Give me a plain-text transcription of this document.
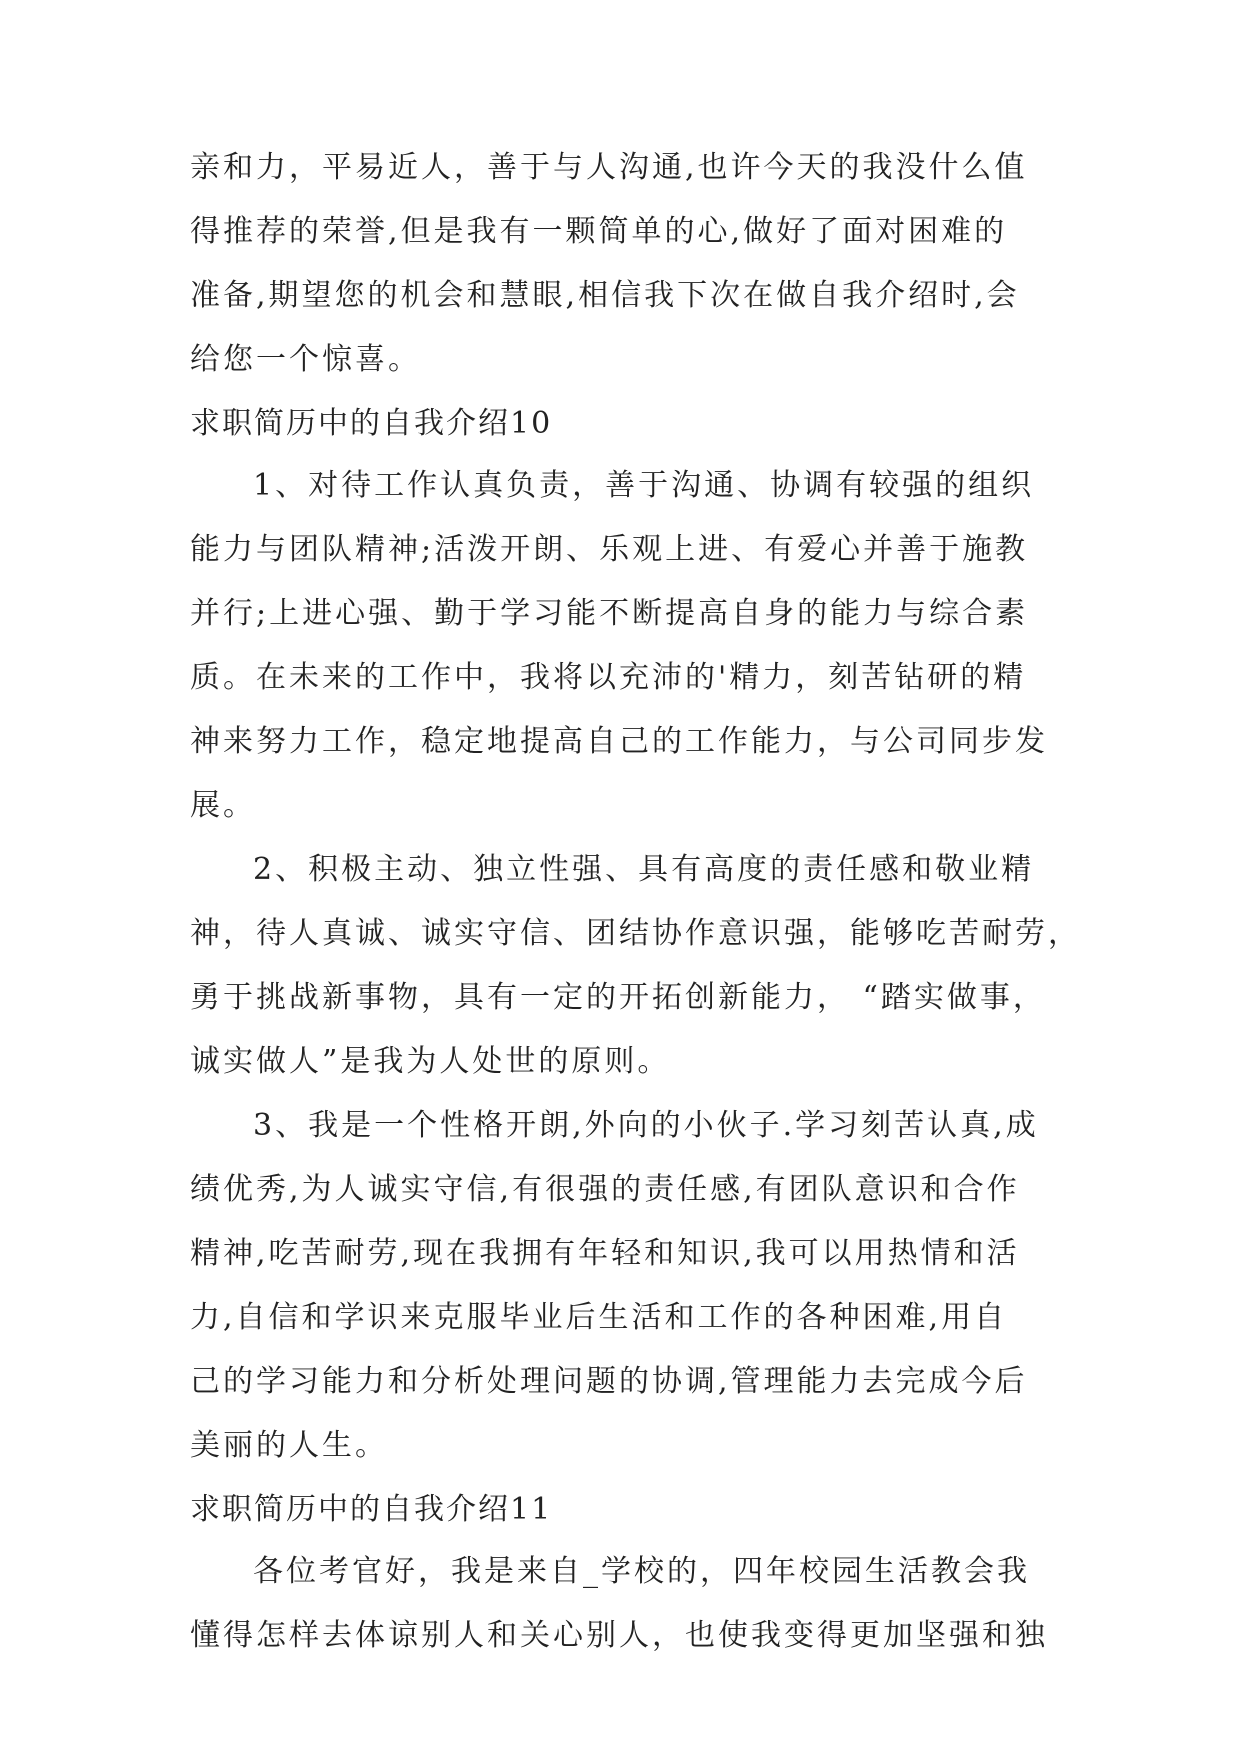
亲和力，平易近人，善于与人沟通,也许今天的我没什么值
得推荐的荣誉,但是我有一颗简单的心,做好了面对困难的
准备,期望您的机会和慧眼,相信我下次在做自我介绍时,会
给您一个惊喜。
求职简历中的自我介绍10
1、对待工作认真负责，善于沟通、协调有较强的组织
能力与团队精神;活泼开朗、乐观上进、有爱心并善于施教
并行;上进心强、勤于学习能不断提高自身的能力与综合素
质。在未来的工作中，我将以充沛的'精力，刻苦钻研的精
神来努力工作，稳定地提高自己的工作能力，与公司同步发
展。
2、积极主动、独立性强、具有高度的责任感和敬业精
神，待人真诚、诚实守信、团结协作意识强，能够吃苦耐劳，
勇于挑战新事物，具有一定的开拓创新能力， “踏实做事，
诚实做人”是我为人处世的原则。
3、我是一个性格开朗,外向的小伙子.学习刻苦认真,成
绩优秀,为人诚实守信,有很强的责任感,有团队意识和合作
精神,吃苦耐劳,现在我拥有年轻和知识,我可以用热情和活
力,自信和学识来克服毕业后生活和工作的各种困难,用自
己的学习能力和分析处理问题的协调,管理能力去完成今后
美丽的人生。
求职简历中的自我介绍11
各位考官好，我是来自_学校的，四年校园生活教会我
懂得怎样去体谅别人和关心别人，也使我变得更加坚强和独
